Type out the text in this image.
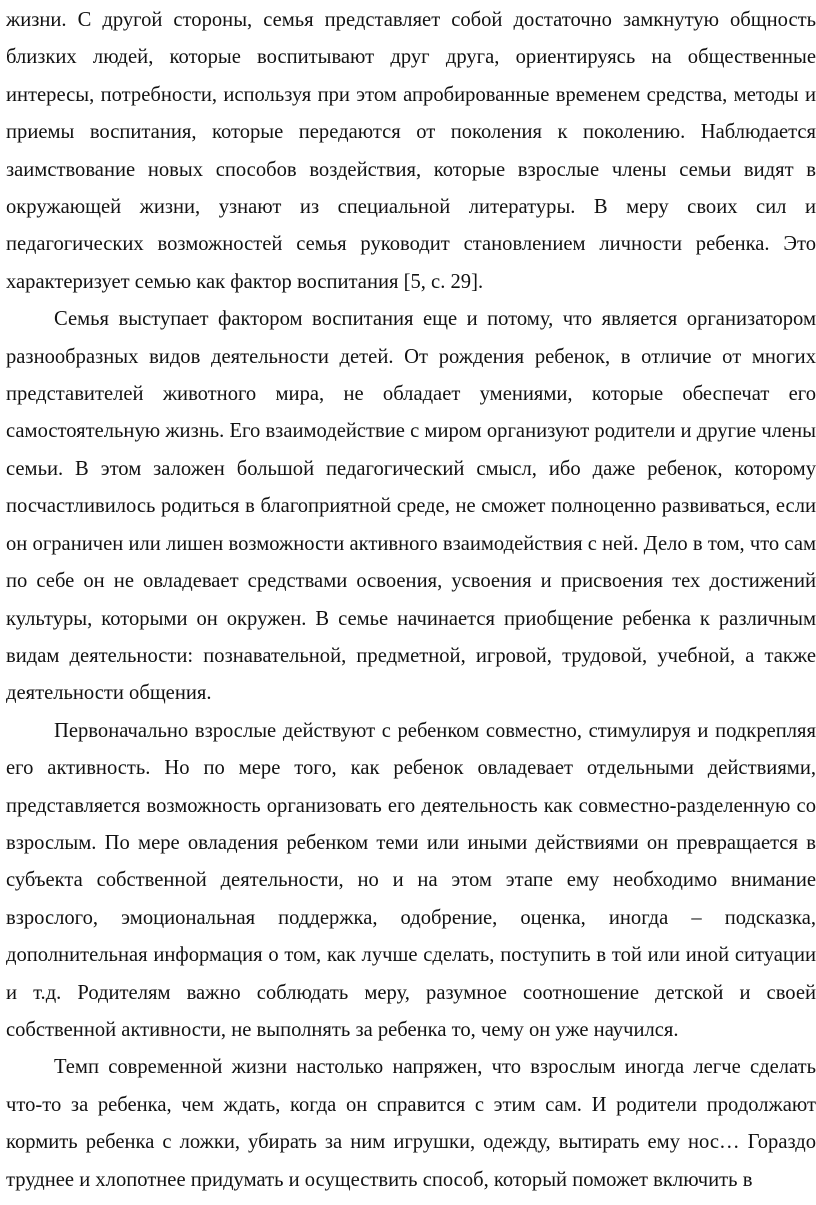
жизни. С другой стороны, семья представляет собой достаточно замкнутую общность близких людей, которые воспитывают друг друга, ориентируясь на общественные интересы, потребности, используя при этом апробированные временем средства, методы и приемы воспитания, которые передаются от поколения к поколению. Наблюдается заимствование новых способов воздействия, которые взрослые члены семьи видят в окружающей жизни, узнают из специальной литературы. В меру своих сил и педагогических возможностей семья руководит становлением личности ребенка. Это характеризует семью как фактор воспитания [5, с. 29].

Семья выступает фактором воспитания еще и потому, что является организатором разнообразных видов деятельности детей. От рождения ребенок, в отличие от многих представителей животного мира, не обладает умениями, которые обеспечат его самостоятельную жизнь. Его взаимодействие с миром организуют родители и другие члены семьи. В этом заложен большой педагогический смысл, ибо даже ребенок, которому посчастливилось родиться в благоприятной среде, не сможет полноценно развиваться, если он ограничен или лишен возможности активного взаимодействия с ней. Дело в том, что сам по себе он не овладевает средствами освоения, усвоения и присвоения тех достижений культуры, которыми он окружен. В семье начинается приобщение ребенка к различным видам деятельности: познавательной, предметной, игровой, трудовой, учебной, а также деятельности общения.

Первоначально взрослые действуют с ребенком совместно, стимулируя и подкрепляя его активность. Но по мере того, как ребенок овладевает отдельными действиями, представляется возможность организовать его деятельность как совместно-разделенную со взрослым. По мере овладения ребенком теми или иными действиями он превращается в субъекта собственной деятельности, но и на этом этапе ему необходимо внимание взрослого, эмоциональная поддержка, одобрение, оценка, иногда – подсказка, дополнительная информация о том, как лучше сделать, поступить в той или иной ситуации и т.д. Родителям важно соблюдать меру, разумное соотношение детской и своей собственной активности, не выполнять за ребенка то, чему он уже научился.

Темп современной жизни настолько напряжен, что взрослым иногда легче сделать что-то за ребенка, чем ждать, когда он справится с этим сам. И родители продолжают кормить ребенка с ложки, убирать за ним игрушки, одежду, вытирать ему нос… Гораздо труднее и хлопотнее придумать и осуществить способ, который поможет включить в
